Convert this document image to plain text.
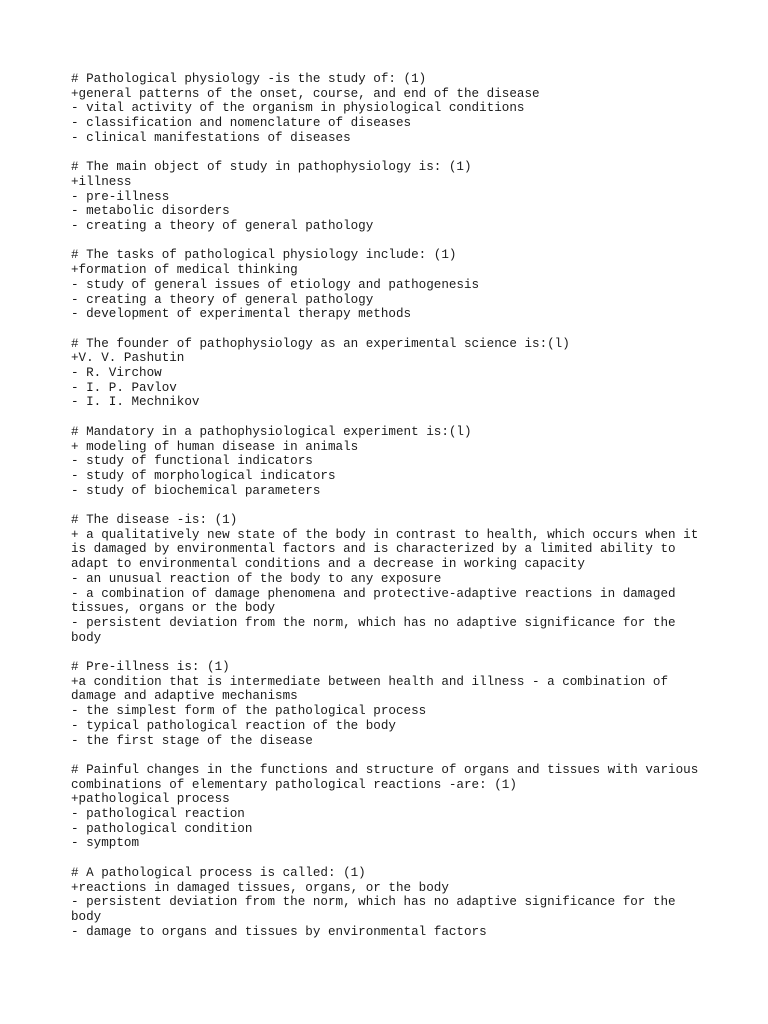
# Pathological physiology -is the study of: (1)
+general patterns of the onset, course, and end of the disease
- vital activity of the organism in physiological conditions
- classification and nomenclature of diseases
- clinical manifestations of diseases
# The main object of study in pathophysiology is: (1)
+illness
- pre-illness
- metabolic disorders
- creating a theory of general pathology
# The tasks of pathological physiology include: (1)
+formation of medical thinking
- study of general issues of etiology and pathogenesis
- creating a theory of general pathology
- development of experimental therapy methods
# The founder of pathophysiology as an experimental science is:(l)
+V. V. Pashutin
- R. Virchow
- I. P. Pavlov
- I. I. Mechnikov
# Mandatory in a pathophysiological experiment is:(l)
+ modeling of human disease in animals
- study of functional indicators
- study of morphological indicators
- study of biochemical parameters
# The disease -is: (1)
+ a qualitatively new state of the body in contrast to health, which occurs when it
is damaged by environmental factors and is characterized by a limited ability to
adapt to environmental conditions and a decrease in working capacity
- an unusual reaction of the body to any exposure
- a combination of damage phenomena and protective-adaptive reactions in damaged
tissues, organs or the body
- persistent deviation from the norm, which has no adaptive significance for the
body
# Pre-illness is: (1)
+a condition that is intermediate between health and illness - a combination of
damage and adaptive mechanisms
- the simplest form of the pathological process
- typical pathological reaction of the body
- the first stage of the disease
# Painful changes in the functions and structure of organs and tissues with various
combinations of elementary pathological reactions -are: (1)
+pathological process
- pathological reaction
- pathological condition
- symptom
# A pathological process is called: (1)
+reactions in damaged tissues, organs, or the body
- persistent deviation from the norm, which has no adaptive significance for the
body
- damage to organs and tissues by environmental factors
